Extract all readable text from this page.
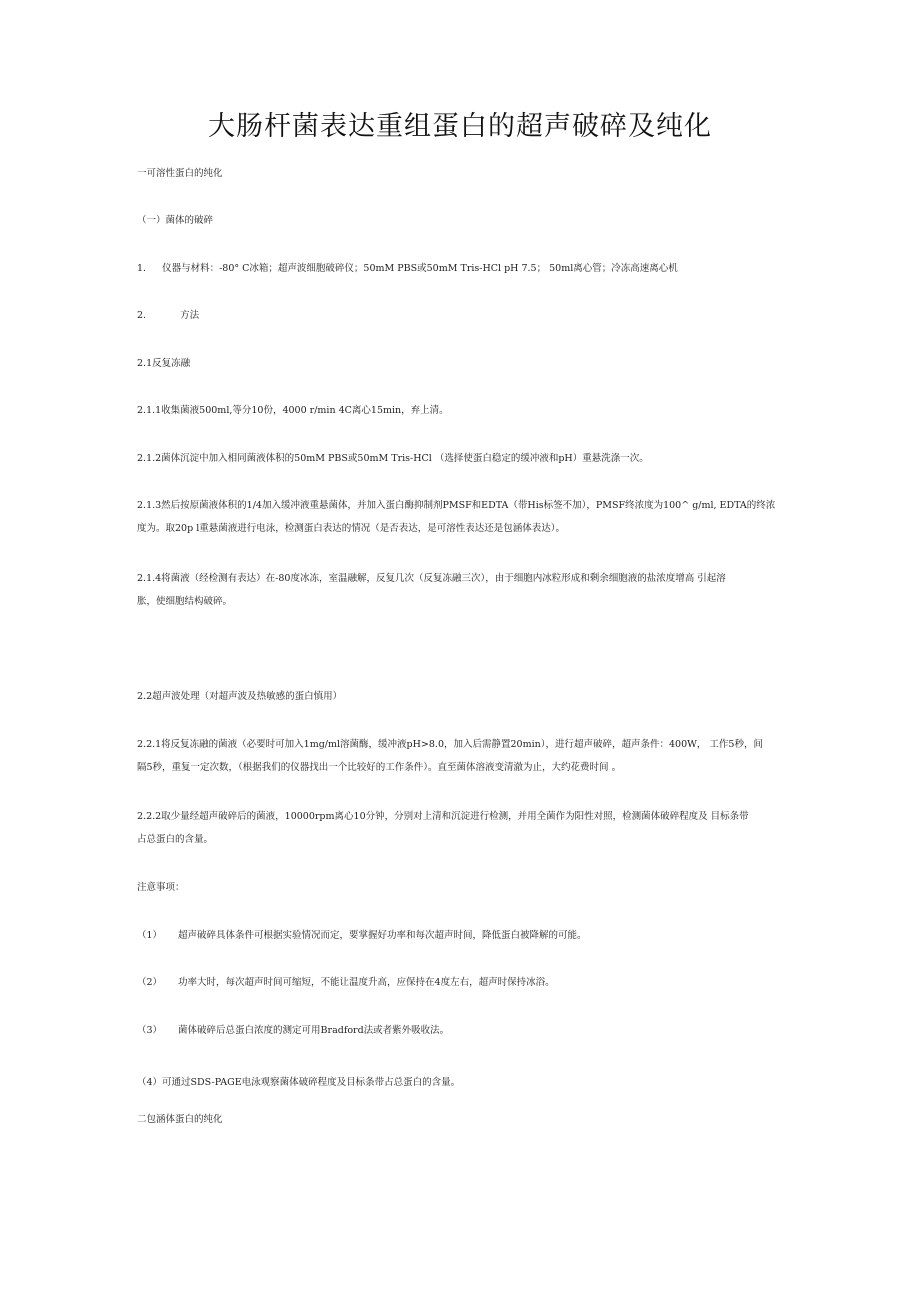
大肠杆菌表达重组蛋白的超声破碎及纯化
一可溶性蛋白的纯化
（一）菌体的破碎
1. 仪器与材料：-80° C冰箱；超声波细胞破碎仪；50mM PBS或50mM Tris-HCl pH 7.5； 50ml离心管；冷冻高速离心机
2.	方法
2.1反复冻融
2.1.1收集菌液500ml,等分10份，4000 r/min 4C离心15min，弃上清。
2.1.2菌体沉淀中加入相同菌液体积的50mM PBS或50mM Tris-HCl （选择使蛋白稳定的缓冲液和pH）重悬洗涤一次。
2.1.3然后按原菌液体积的1/4加入缓冲液重悬菌体，并加入蛋白酶抑制剂PMSF和EDTA（带His标签不加），PMSF终浓度为100^ g/ml, EDTA的终浓
度为。取20p l重悬菌液进行电泳，检测蛋白表达的情况（是否表达，是可溶性表达还是包涵体表达）。
2.1.4将菌液（经检测有表达）在-80度冰冻，室温融解，反复几次（反复冻融三次），由于细胞内冰粒形成和剩余细胞液的盐浓度增高 引起溶
胀，使细胞结构破碎。
2.2超声波处理（对超声波及热敏感的蛋白慎用）
2.2.1将反复冻融的菌液（必要时可加入1mg/ml溶菌酶，缓冲液pH>8.0，加入后需静置20min），进行超声破碎，超声条件：400W， 工作5秒，间
隔5秒，重复一定次数，（根据我们的仪器找出一个比较好的工作条件）。直至菌体溶液变清澈为止，大约花费时间 。
2.2.2取少量经超声破碎后的菌液，10000rpm离心10分钟，分别对上清和沉淀进行检测，并用全菌作为阳性对照，检测菌体破碎程度及 目标条带
占总蛋白的含量。
注意事项：
（1） 超声破碎具体条件可根据实验情况而定，要掌握好功率和每次超声时间，降低蛋白被降解的可能。
（2） 功率大时，每次超声时间可缩短，不能让温度升高，应保持在4度左右，超声时保持冰浴。
（3） 菌体破碎后总蛋白浓度的测定可用Bradford法或者紫外吸收法。
（4）可通过SDS-PAGE电泳观察菌体破碎程度及目标条带占总蛋白的含量。
二包涵体蛋白的纯化
